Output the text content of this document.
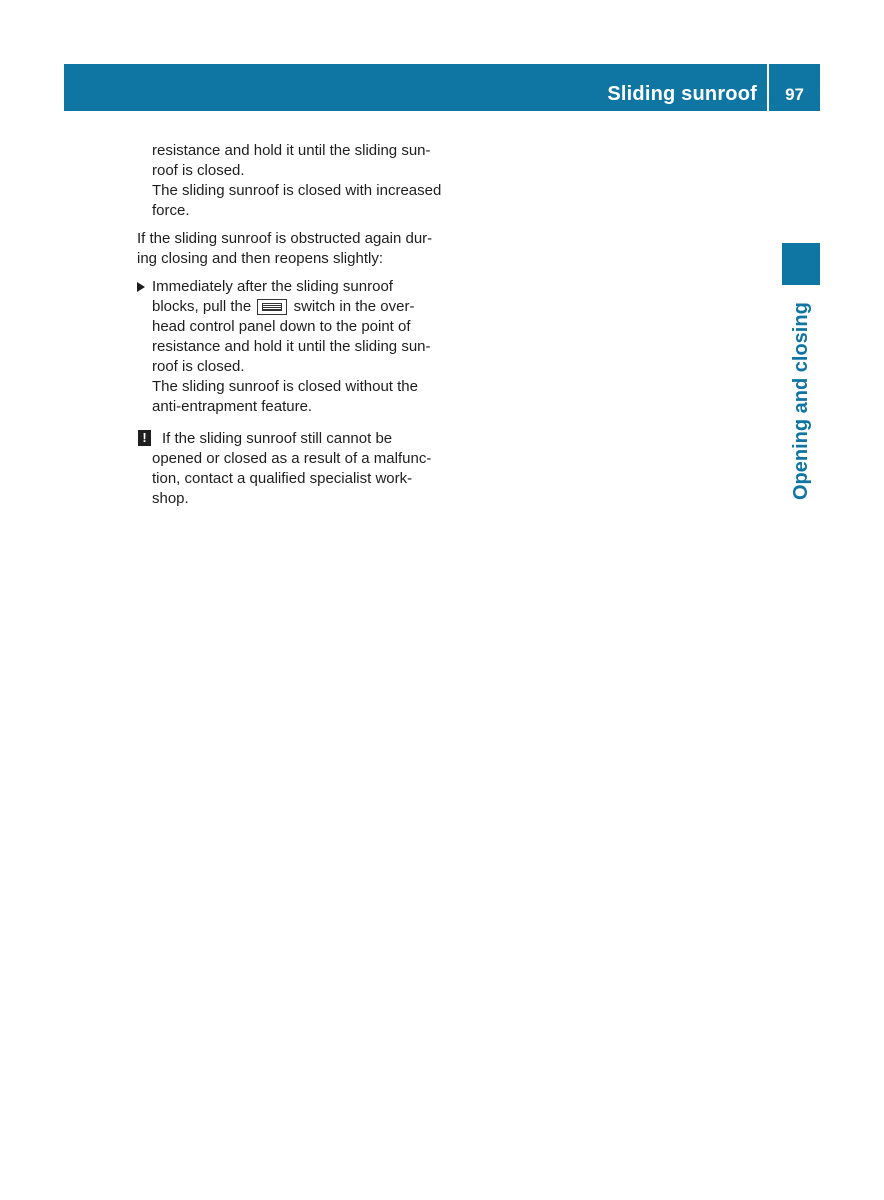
Sliding sunroof 97
Opening and closing
resistance and hold it until the sliding sun-
roof is closed.
The sliding sunroof is closed with increased
force.
If the sliding sunroof is obstructed again dur-
ing closing and then reopens slightly:
Immediately after the sliding sunroof
blocks, pull the	switch in the over-
head control panel down to the point of
resistance and hold it until the sliding sun-
roof is closed.
The sliding sunroof is closed without the
anti-entrapment feature.
! If the sliding sunroof still cannot be
opened or closed as a result of a malfunc-
tion, contact a qualified specialist work-
shop.
